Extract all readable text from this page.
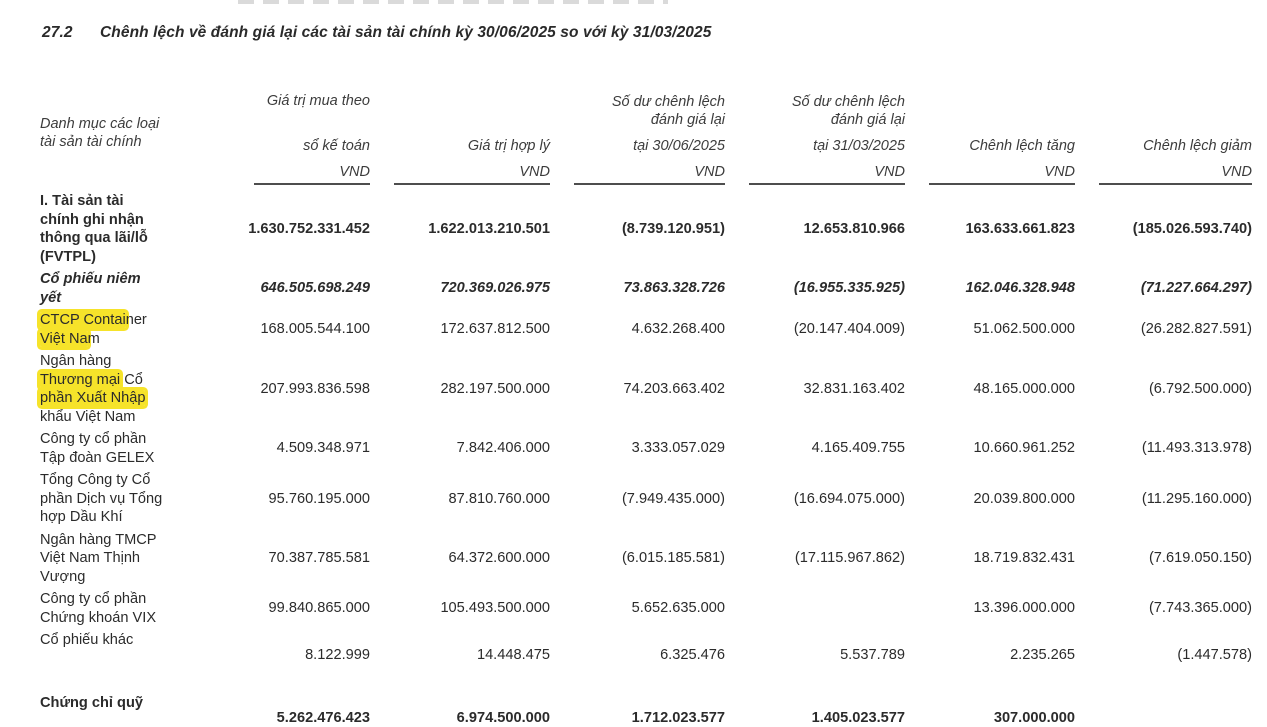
27.2 Chênh lệch về đánh giá lại các tài sản tài chính kỳ 30/06/2025 so với kỳ 31/03/2025
Danh mục các loại
tài sản tài chính

Giá trị mua theo
sổ kế toán
VND

Giá trị hợp lý
VND

Số dư chênh lệch
đánh giá lại
tại 30/06/2025
VND

Số dư chênh lệch
đánh giá lại
tại 31/03/2025
VND

Chênh lệch tăng
VND

Chênh lệch giảm
VND

I. Tài sản tài
chính ghi nhận
thông qua lãi/lỗ
(FVTPL)	1.630.752.331.452	1.622.013.210.501	(8.739.120.951)	12.653.810.966	163.633.661.823	(185.026.593.740)

Cổ phiếu niêm
yết	646.505.698.249	720.369.026.975	73.863.328.726	(16.955.335.925)	162.046.328.948	(71.227.664.297)

CTCP Container
Việt Nam	168.005.544.100	172.637.812.500	4.632.268.400	(20.147.404.009)	51.062.500.000	(26.282.827.591)

Ngân hàng
Thương mại Cổ
phần Xuất Nhập
khẩu Việt Nam	207.993.836.598	282.197.500.000	74.203.663.402	32.831.163.402	48.165.000.000	(6.792.500.000)

Công ty cổ phần
Tập đoàn GELEX	4.509.348.971	7.842.406.000	3.333.057.029	4.165.409.755	10.660.961.252	(11.493.313.978)

Tổng Công ty Cổ
phần Dịch vụ Tổng
hợp Dầu Khí	95.760.195.000	87.810.760.000	(7.949.435.000)	(16.694.075.000)	20.039.800.000	(11.295.160.000)

Ngân hàng TMCP
Việt Nam Thịnh
Vượng	70.387.785.581	64.372.600.000	(6.015.185.581)	(17.115.967.862)	18.719.832.431	(7.619.050.150)

Công ty cổ phần
Chứng khoán VIX	99.840.865.000	105.493.500.000	5.652.635.000		13.396.000.000	(7.743.365.000)

Cổ phiếu khác	8.122.999	14.448.475	6.325.476	5.537.789	2.235.265	(1.447.578)

Chứng chỉ quỹ	5.262.476.423	6.974.500.000	1.712.023.577	1.405.023.577	307.000.000	
